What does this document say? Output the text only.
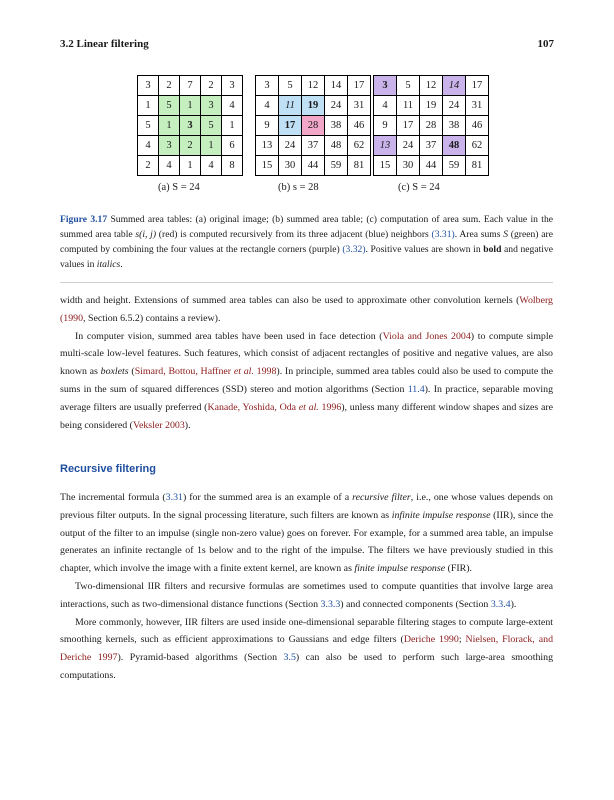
3.2 Linear filtering	107
3	2	7	2	3
1	5	1	3	4
5	1	3	5	1
4	3	2	1	6
2	4	1	4	8
3	5	12	14	17
4	11	19	24	31
9	17	28	38	46
13	24	37	48	62
15	30	44	59	81
3	5	12	14	17
4	11	19	24	31
9	17	28	38	46
13	24	37	48	62
15	30	44	59	81
(a) S = 24	(b) s = 28	(c) S = 24
Figure 3.17 Summed area tables: (a) original image; (b) summed area table; (c) computation of area sum. Each value in the summed area table s(i, j) (red) is computed recursively from its three adjacent (blue) neighbors (3.31). Area sums S (green) are computed by combining the four values at the rectangle corners (purple) (3.32). Positive values are shown in bold and negative values in italics.

width and height. Extensions of summed area tables can also be used to approximate other convolution kernels (Wolberg (1990, Section 6.5.2) contains a review).

In computer vision, summed area tables have been used in face detection (Viola and Jones 2004) to compute simple multi-scale low-level features. Such features, which consist of adjacent rectangles of positive and negative values, are also known as boxlets (Simard, Bottou, Haffner et al. 1998). In principle, summed area tables could also be used to compute the sums in the sum of squared differences (SSD) stereo and motion algorithms (Section 11.4). In practice, separable moving average filters are usually preferred (Kanade, Yoshida, Oda et al. 1996), unless many different window shapes and sizes are being considered (Veksler 2003).

Recursive filtering

The incremental formula (3.31) for the summed area is an example of a recursive filter, i.e., one whose values depends on previous filter outputs. In the signal processing literature, such filters are known as infinite impulse response (IIR), since the output of the filter to an impulse (single non-zero value) goes on forever. For example, for a summed area table, an impulse generates an infinite rectangle of 1s below and to the right of the impulse. The filters we have previously studied in this chapter, which involve the image with a finite extent kernel, are known as finite impulse response (FIR).

Two-dimensional IIR filters and recursive formulas are sometimes used to compute quantities that involve large area interactions, such as two-dimensional distance functions (Section 3.3.3) and connected components (Section 3.3.4).

More commonly, however, IIR filters are used inside one-dimensional separable filtering stages to compute large-extent smoothing kernels, such as efficient approximations to Gaussians and edge filters (Deriche 1990; Nielsen, Florack, and Deriche 1997). Pyramid-based algorithms (Section 3.5) can also be used to perform such large-area smoothing computations.
